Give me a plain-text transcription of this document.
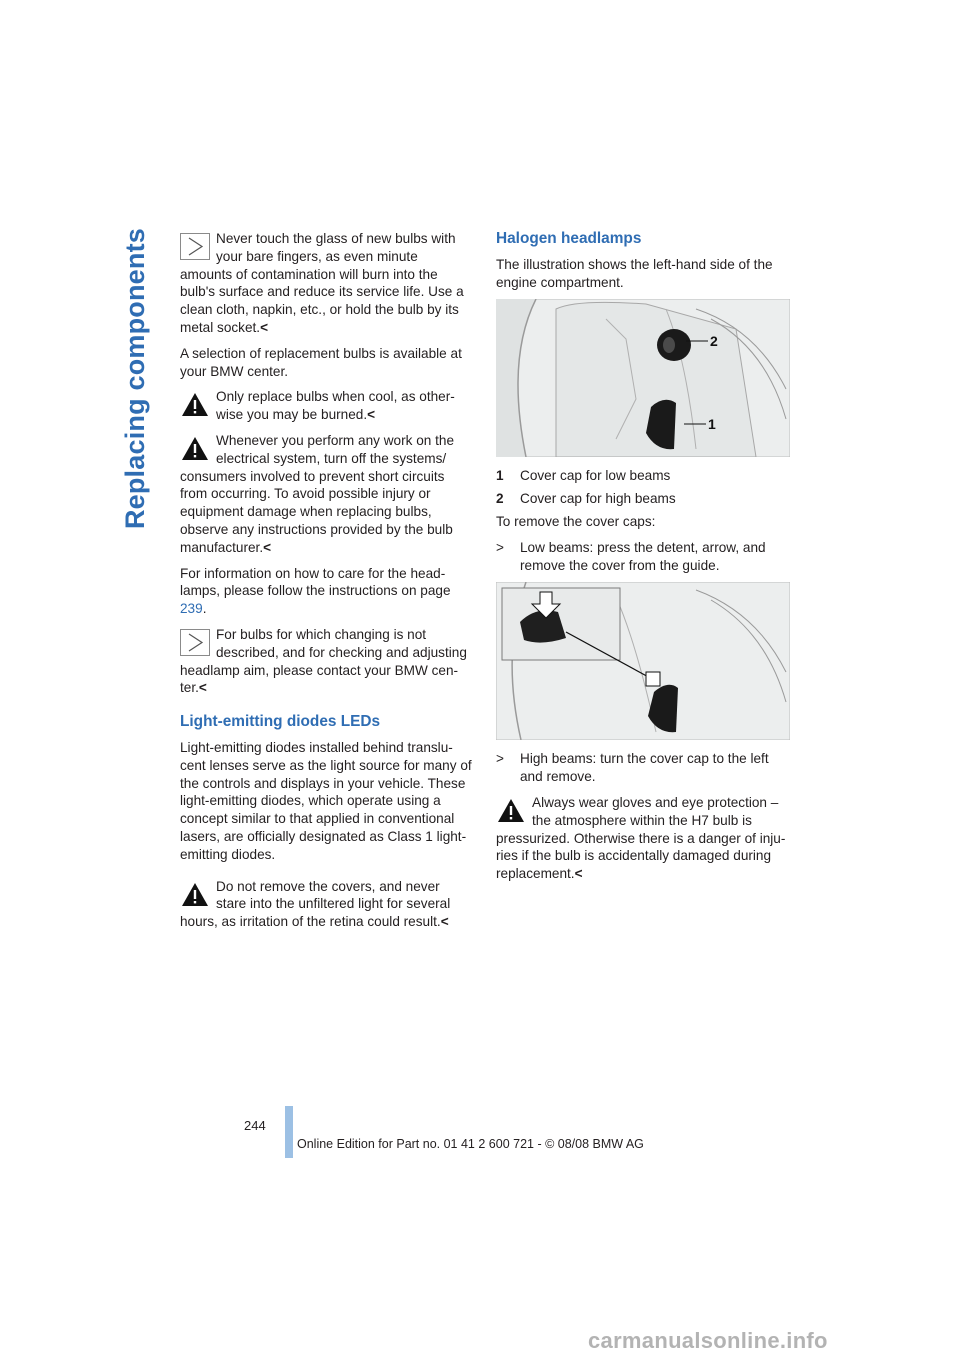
Replacing components	Never touch the glass of new bulbs with your bare fingers, as even minute amounts of contamination will burn into the bulb's surface and reduce its service life. Use a clean cloth, napkin, etc., or hold the bulb by its metal socket.<

A selection of replacement bulbs is available at your BMW center.

Only replace bulbs when cool, as other- wise you may be burned.<
Whenever you perform any work on the electrical system, turn off the systems/ consumers involved to prevent short circuits from occurring. To avoid possible injury or equipment damage when replacing bulbs, observe any instructions provided by the bulb manufacturer.<

For information on how to care for the head- lamps, please follow the instructions on page 239.

For bulbs for which changing is not described, and for checking and adjusting headlamp aim, please contact your BMW cen- ter.<
Light-emitting diodes LEDs

Light-emitting diodes installed behind translu- cent lenses serve as the light source for many of the controls and displays in your vehicle. These light-emitting diodes, which operate using a concept similar to that applied in conventional lasers, are officially designated as Class 1 light- emitting diodes.

Do not remove the covers, and never stare into the unfiltered light for several hours, as irritation of the retina could result.<
Halogen headlamps

The illustration shows the left-hand side of the engine compartment.

2
1
1	Cover cap for low beams
2	Cover cap for high beams

To remove the cover caps:

>	Low beams: press the detent, arrow, and remove the cover from the guide.
>	High beams: turn the cover cap to the left and remove.
Always wear gloves and eye protection – the atmosphere within the H7 bulb is pressurized. Otherwise there is a danger of inju- ries if the bulb is accidentally damaged during replacement.<
244
Online Edition for Part no. 01 41 2 600 721 - © 08/08 BMW AG
carmanualsonline.info
